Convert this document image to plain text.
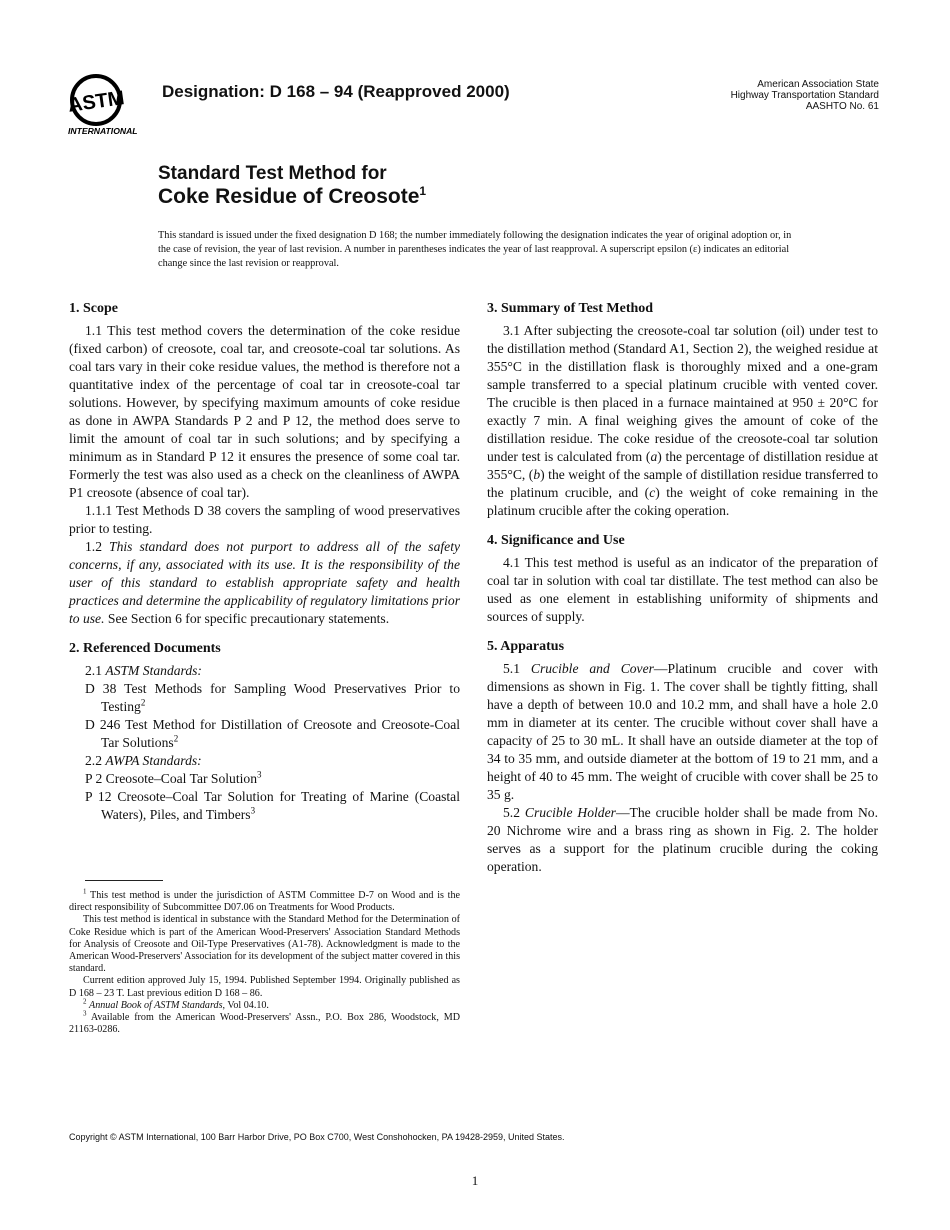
ASTM
INTERNATIONAL
Designation: D 168 – 94 (Reapproved 2000)	American Association State
Highway Transportation Standard
AASHTO No. 61
Standard Test Method for
Coke Residue of Creosote$^1$
This standard is issued under the fixed designation D 168; the number immediately following the designation indicates the year of original adoption or, in the case of revision, the year of last revision. A number in parentheses indicates the year of last reapproval. A superscript epsilon (ε) indicates an editorial change since the last revision or reapproval.
1. Scope

1.1 This test method covers the determination of the coke residue (fixed carbon) of creosote, coal tar, and creosote-coal tar solutions. As coal tars vary in their coke residue values, the method is therefore not a quantitative index of the percentage of coal tar in creosote-coal tar solutions. However, by specifying maximum amounts of coke residue as done in AWPA Standards P 2 and P 12, the method does serve to limit the amount of coal tar in such solutions; and by specifying a minimum as in Standard P 12 it ensures the presence of some coal tar. Formerly the test was also used as a check on the cleanliness of AWPA P1 creosote (absence of coal tar).

1.1.1 Test Methods D 38 covers the sampling of wood preservatives prior to testing.

1.2 This standard does not purport to address all of the safety concerns, if any, associated with its use. It is the responsibility of the user of this standard to establish appropriate safety and health practices and determine the applicability of regulatory limitations prior to use. See Section 6 for specific precautionary statements.

2. Referenced Documents

2.1 ASTM Standards:

D 38 Test Methods for Sampling Wood Preservatives Prior to Testing$^2$

D 246 Test Method for Distillation of Creosote and Creosote-Coal Tar Solutions$^2$

2.2 AWPA Standards:

P 2 Creosote–Coal Tar Solution$^3$

P 12 Creosote–Coal Tar Solution for Treating of Marine (Coastal Waters), Piles, and Timbers$^3$

$^1$ This test method is under the jurisdiction of ASTM Committee D-7 on Wood and is the direct responsibility of Subcommittee D07.06 on Treatments for Wood Products.

This test method is identical in substance with the Standard Method for the Determination of Coke Residue which is part of the American Wood-Preservers' Association Standard Methods for Analysis of Creosote and Oil-Type Preservatives (A1-78). Acknowledgment is made to the American Wood-Preservers' Association for its development of the subject matter covered in this standard.

Current edition approved July 15, 1994. Published September 1994. Originally published as D 168 – 23 T. Last previous edition D 168 – 86.

$^2$ Annual Book of ASTM Standards, Vol 04.10.

$^3$ Available from the American Wood-Preservers' Assn., P.O. Box 286, Woodstock, MD 21163-0286.

3. Summary of Test Method

3.1 After subjecting the creosote-coal tar solution (oil) under test to the distillation method (Standard A1, Section 2), the weighed residue at 355°C in the distillation flask is thoroughly mixed and a one-gram sample transferred to a special platinum crucible with vented cover. The crucible is then placed in a furnace maintained at 950 ± 20°C for exactly 7 min. A final weighing gives the amount of coke of the distillation residue. The coke residue of the creosote-coal tar solution under test is calculated from (a) the percentage of distillation residue at 355°C, (b) the weight of the sample of distillation residue transferred to the platinum crucible, and (c) the weight of coke remaining in the platinum crucible after the coking operation.

4. Significance and Use

4.1 This test method is useful as an indicator of the preparation of coal tar in solution with coal tar distillate. The test method can also be used as one element in establishing uniformity of shipments and sources of supply.

5. Apparatus

5.1 Crucible and Cover—Platinum crucible and cover with dimensions as shown in Fig. 1. The cover shall be tightly fitting, shall have a depth of between 10.0 and 10.2 mm, and shall have a hole 2.0 mm in diameter at its center. The crucible without cover shall have a capacity of 25 to 30 mL. It shall have an outside diameter at the top of 34 to 35 mm, and outside diameter at the bottom of 19 to 21 mm, and a height of 40 to 45 mm. The weight of crucible with cover shall be 25 to 35 g.

5.2 Crucible Holder—The crucible holder shall be made from No. 20 Nichrome wire and a brass ring as shown in Fig. 2. The holder serves as a support for the platinum crucible during the coking operation.

Copyright © ASTM International, 100 Barr Harbor Drive, PO Box C700, West Conshohocken, PA 19428-2959, United States.
1
